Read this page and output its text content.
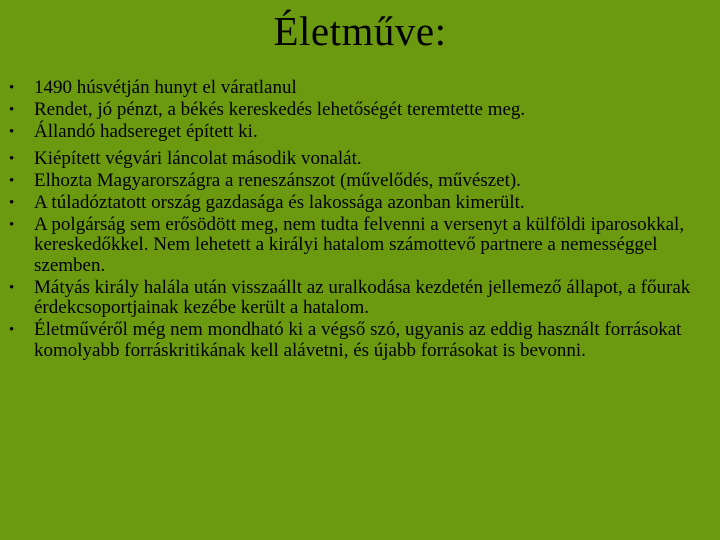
Életműve:
• 1490 húsvétján hunyt el váratlanul
• Rendet, jó pénzt, a békés kereskedés lehetőségét teremtette meg.
• Állandó hadsereget épített ki.
• Kiépített végvári láncolat második vonalát.
• Elhozta Magyarországra a reneszánszot (művelődés, művészet).
• A túladóztatott ország gazdasága és lakossága azonban kimerült.
• A polgárság sem erősödött meg, nem tudta felvenni a versenyt a külföldi iparosokkal, kereskedőkkel. Nem lehetett a királyi hatalom számottevő partnere a nemességgel szemben.
• Mátyás király halála után visszaállt az uralkodása kezdetén jellemező állapot, a főurak érdekcsoportjainak kezébe került a hatalom.
• Életművéről még nem mondható ki a végső szó, ugyanis az eddig használt forrásokat komolyabb forráskritikának kell alávetni, és újabb forrásokat is bevonni.
